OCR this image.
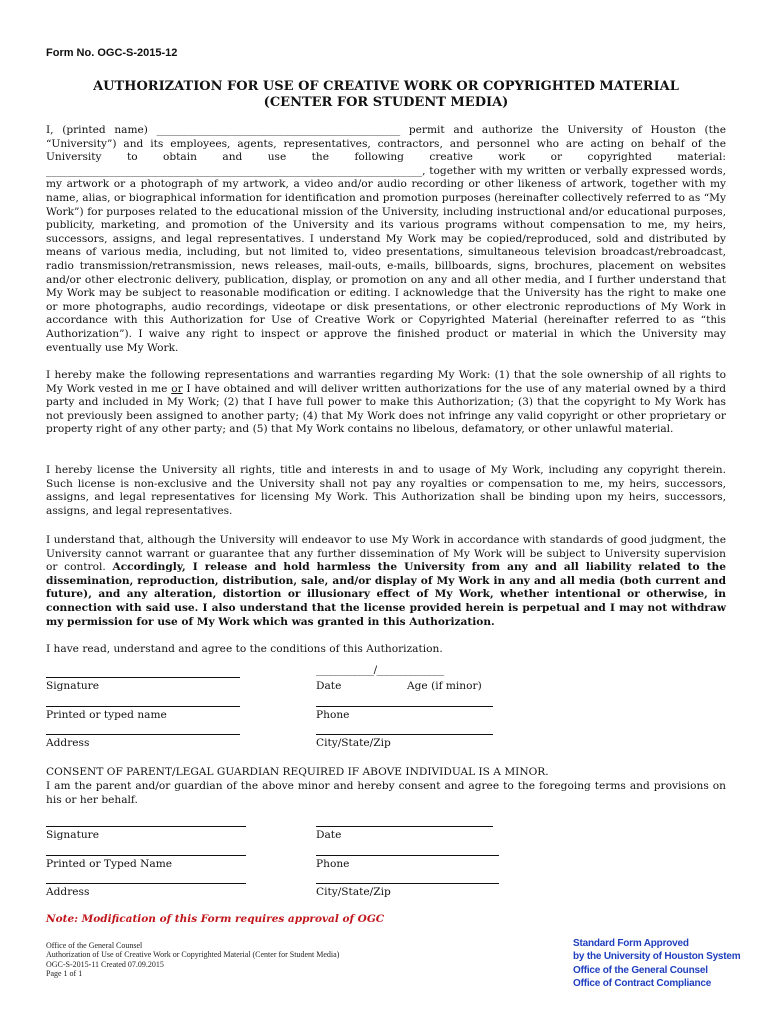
Form No. OGC-S-2015-12
AUTHORIZATION FOR USE OF CREATIVE WORK OR COPYRIGHTED MATERIAL
(CENTER FOR STUDENT MEDIA)

I, (printed name) ______________________________________________ permit and authorize the University of Houston (the “University”) and its employees, agents, representatives, contractors, and personnel who are acting on behalf of the University to obtain and use the following creative work or copyrighted material: _______________________________________________________________________, together with my written or verbally expressed words, my artwork or a photograph of my artwork, a video and/or audio recording or other likeness of artwork, together with my name, alias, or biographical information for identification and promotion purposes (hereinafter collectively referred to as “My Work”) for purposes related to the educational mission of the University, including instructional and/or educational purposes, publicity, marketing, and promotion of the University and its various programs without compensation to me, my heirs, successors, assigns, and legal representatives. I understand My Work may be copied/reproduced, sold and distributed by means of various media, including, but not limited to, video presentations, simultaneous television broadcast/rebroadcast, radio transmission/retransmission, news releases, mail-outs, e-mails, billboards, signs, brochures, placement on websites and/or other electronic delivery, publication, display, or promotion on any and all other media, and I further understand that My Work may be subject to reasonable modification or editing. I acknowledge that the University has the right to make one or more photographs, audio recordings, videotape or disk presentations, or other electronic reproductions of My Work in accordance with this Authorization for Use of Creative Work or Copyrighted Material (hereinafter referred to as “this Authorization”). I waive any right to inspect or approve the finished product or material in which the University may eventually use My Work.

I hereby make the following representations and warranties regarding My Work: (1) that the sole ownership of all rights to My Work vested in me or I have obtained and will deliver written authorizations for the use of any material owned by a third party and included in My Work; (2) that I have full power to make this Authorization; (3) that the copyright to My Work has not previously been assigned to another party; (4) that My Work does not infringe any valid copyright or other proprietary or property right of any other party; and (5) that My Work contains no libelous, defamatory, or other unlawful material.

I hereby license the University all rights, title and interests in and to usage of My Work, including any copyright therein. Such license is non-exclusive and the University shall not pay any royalties or compensation to me, my heirs, successors, assigns, and legal representatives for licensing My Work. This Authorization shall be binding upon my heirs, successors, assigns, and legal representatives.

I understand that, although the University will endeavor to use My Work in accordance with standards of good judgment, the University cannot warrant or guarantee that any further dissemination of My Work will be subject to University supervision or control. Accordingly, I release and hold harmless the University from any and all liability related to the dissemination, reproduction, distribution, sale, and/or display of My Work in any and all media (both current and future), and any alteration, distortion or illusionary effect of My Work, whether intentional or otherwise, in connection with said use. I also understand that the license provided herein is perpetual and I may not withdraw my permission for use of My Work which was granted in this Authorization.

I have read, understand and agree to the conditions of this Authorization.

____________/______________
Signature	Date	Age (if minor)
Printed or typed name	Phone
Address	City/State/Zip
CONSENT OF PARENT/LEGAL GUARDIAN REQUIRED IF ABOVE INDIVIDUAL IS A MINOR.

I am the parent and/or guardian of the above minor and hereby consent and agree to the foregoing terms and provisions on his or her behalf.

Signature	Date
Printed or Typed Name	Phone
Address	City/State/Zip
Note: Modification of this Form requires approval of OGC
Office of the General Counsel
Authorization of Use of Creative Work or Copyrighted Material (Center for Student Media)
OGC-S-2015-11 Created 07.09.2015
Page 1 of 1
Standard Form Approved
by the University of Houston System
Office of the General Counsel
Office of Contract Compliance
